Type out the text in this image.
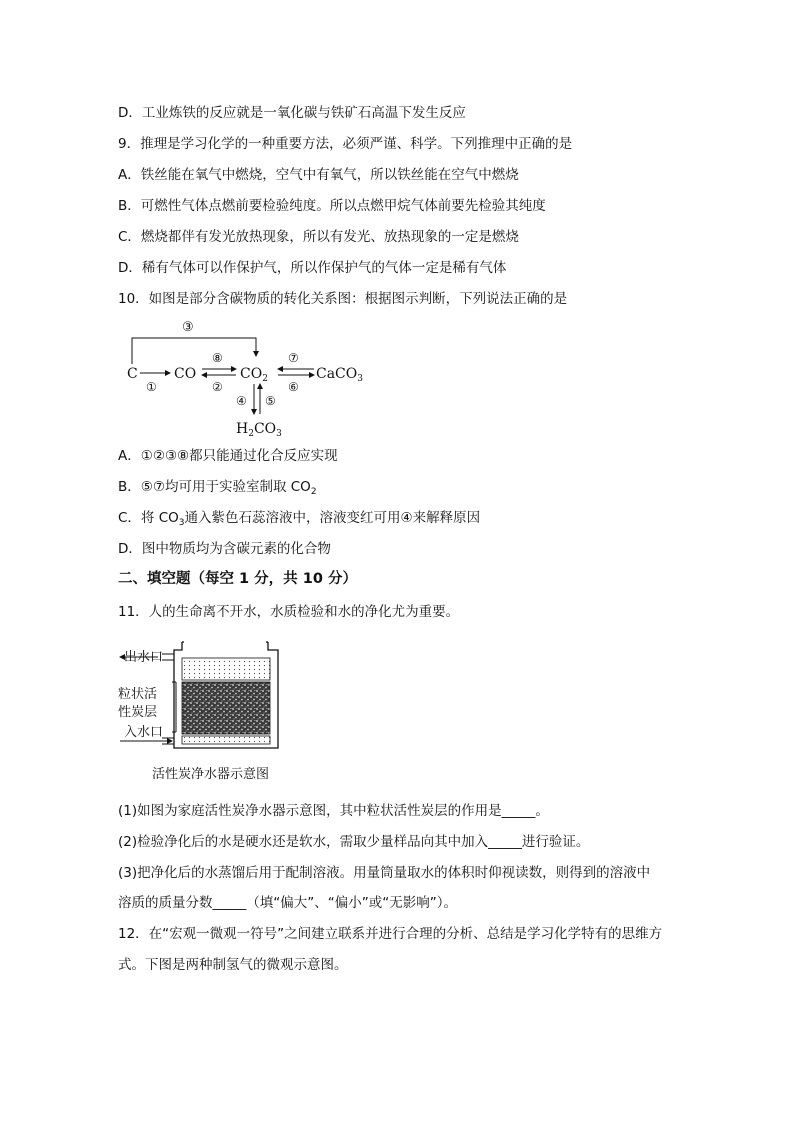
D．工业炼铁的反应就是一氧化碳与铁矿石高温下发生反应
9．推理是学习化学的一种重要方法，必须严谨、科学。下列推理中正确的是
A．铁丝能在氧气中燃烧，空气中有氧气，所以铁丝能在空气中燃烧
B．可燃性气体点燃前要检验纯度。所以点燃甲烷气体前要先检验其纯度
C．燃烧都伴有发光放热现象，所以有发光、放热现象的一定是燃烧
D．稀有气体可以作保护气，所以作保护气的气体一定是稀有气体
10．如图是部分含碳物质的转化关系图：根据图示判断，下列说法正确的是
③
C
①
CO
⑧
②
$CO_2$
⑦
⑥
CaCO$_3$
④ ⑤
$H_2CO_3$
A．①②③⑧都只能通过化合反应实现
B．⑤⑦均可用于实验室制取 $CO_2$
C．将 $CO_3$通入紫色石蕊溶液中，溶液变红可用④来解释原因
D．图中物质均为含碳元素的化合物
二、填空题（每空 1 分，共 10 分）
11．人的生命离不开水，水质检验和水的净化尤为重要。
出水口
粒状活
性炭层
入水口
活性炭净水器示意图
(1)如图为家庭活性炭净水器示意图，其中粒状活性炭层的作用是_____。
(2)检验净化后的水是硬水还是软水，需取少量样品向其中加入_____进行验证。
(3)把净化后的水蒸馏后用于配制溶液。用量筒量取水的体积时仰视读数，则得到的溶液中
溶质的质量分数_____（填“偏大”、“偏小”或“无影响”）。
12．在“宏观一微观一符号”之间建立联系并进行合理的分析、总结是学习化学特有的思维方
式。下图是两种制氢气的微观示意图。
